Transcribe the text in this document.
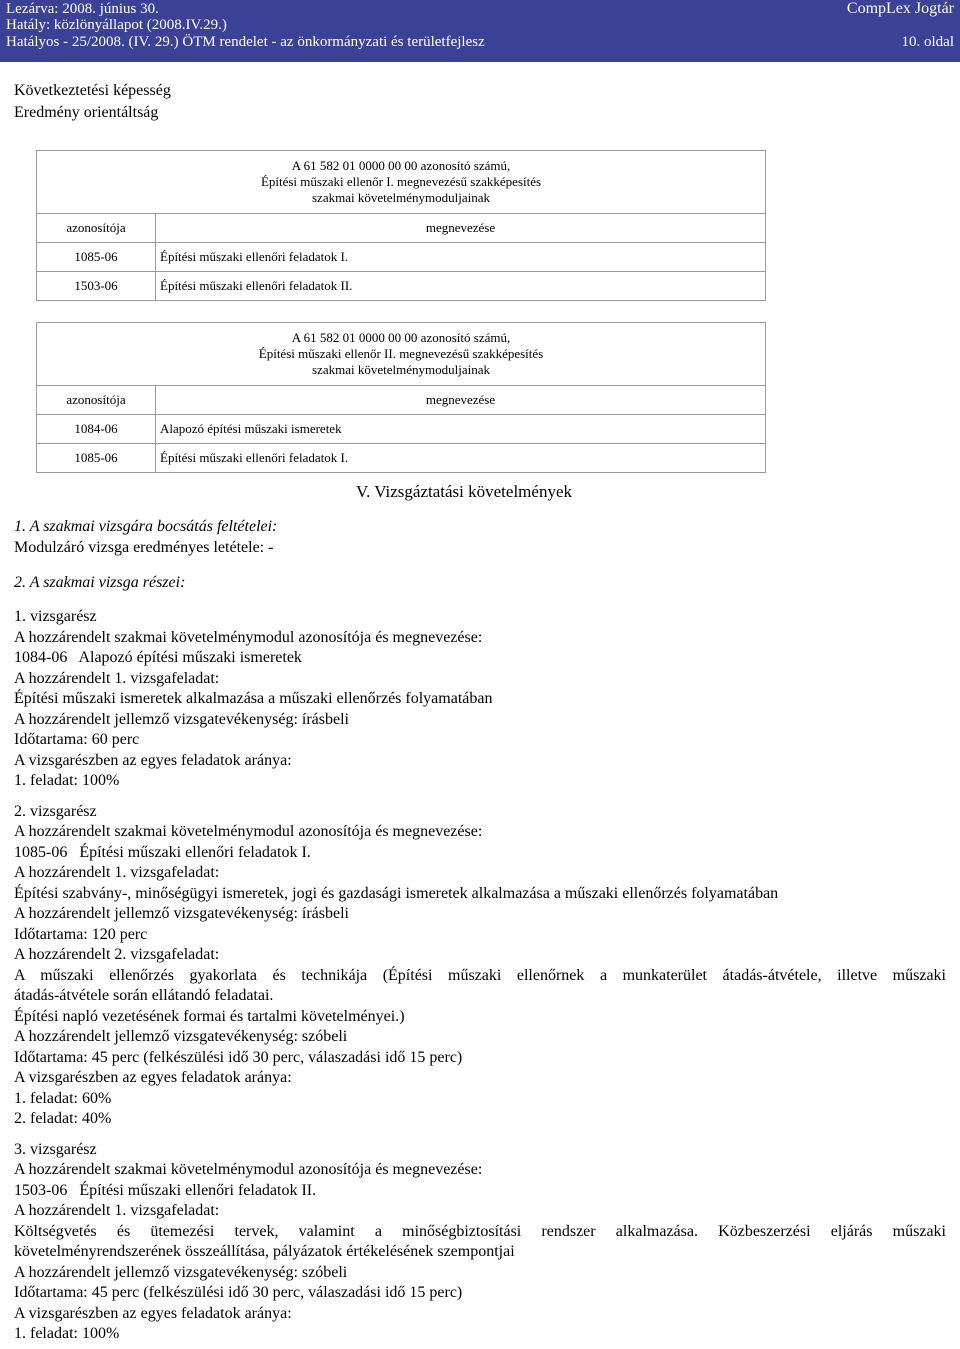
Lezárva: 2008. június 30.
Hatály: közlönyállapot (2008.IV.29.)
Hatályos - 25/2008. (IV. 29.) ÖTM rendelet - az önkormányzati és területfejlesz
CompLex Jogtár
10. oldal
Következtetési képesség
Eredmény orientáltság
A 61 582 01 0000 00 00 azonosító számú,
Építési műszaki ellenőr I. megnevezésű szakképesítés
szakmai követelménymoduljainak	
azonosítója	megnevezése
1085-06	Építési műszaki ellenőri feladatok I.
1503-06	Építési műszaki ellenőri feladatok II.
A 61 582 01 0000 00 00 azonosító számú,
Építési műszaki ellenőr II. megnevezésű szakképesítés
szakmai követelménymoduljainak	
azonosítója	megnevezése
1084-06	Alapozó építési műszaki ismeretek
1085-06	Építési műszaki ellenőri feladatok I.
V. Vizsgáztatási követelmények
1. A szakmai vizsgára bocsátás feltételei:
Modulzáró vizsga eredményes letétele: -
2. A szakmai vizsga részei:

1. vizsgarész

A hozzárendelt szakmai követelménymodul azonosítója és megnevezése:

1084-06   Alapozó építési műszaki ismeretek

A hozzárendelt 1. vizsgafeladat:

Építési műszaki ismeretek alkalmazása a műszaki ellenőrzés folyamatában

A hozzárendelt jellemző vizsgatevékenység: írásbeli

Időtartama: 60 perc

A vizsgarészben az egyes feladatok aránya:

1. feladat: 100%

2. vizsgarész

A hozzárendelt szakmai követelménymodul azonosítója és megnevezése:

1085-06   Építési műszaki ellenőri feladatok I.

A hozzárendelt 1. vizsgafeladat:

Építési szabvány-, minőségügyi ismeretek, jogi és gazdasági ismeretek alkalmazása a műszaki ellenőrzés folyamatában

A hozzárendelt jellemző vizsgatevékenység: írásbeli

Időtartama: 120 perc

A hozzárendelt 2. vizsgafeladat:

A műszaki ellenőrzés gyakorlata és technikája (Építési műszaki ellenőrnek a munkaterület átadás-átvétele, illetve műszaki

átadás-átvétele során ellátandó feladatai.

Építési napló vezetésének formai és tartalmi követelményei.)

A hozzárendelt jellemző vizsgatevékenység: szóbeli

Időtartama: 45 perc (felkészülési idő 30 perc, válaszadási idő 15 perc)

A vizsgarészben az egyes feladatok aránya:

1. feladat: 60%

2. feladat: 40%

3. vizsgarész

A hozzárendelt szakmai követelménymodul azonosítója és megnevezése:

1503-06   Építési műszaki ellenőri feladatok II.

A hozzárendelt 1. vizsgafeladat:

Költségvetés és ütemezési tervek, valamint a minőségbiztosítási rendszer alkalmazása. Közbeszerzési eljárás műszaki

követelményrendszerének összeállítása, pályázatok értékelésének szempontjai

A hozzárendelt jellemző vizsgatevékenység: szóbeli

Időtartama: 45 perc (felkészülési idő 30 perc, válaszadási idő 15 perc)

A vizsgarészben az egyes feladatok aránya:

1. feladat: 100%
